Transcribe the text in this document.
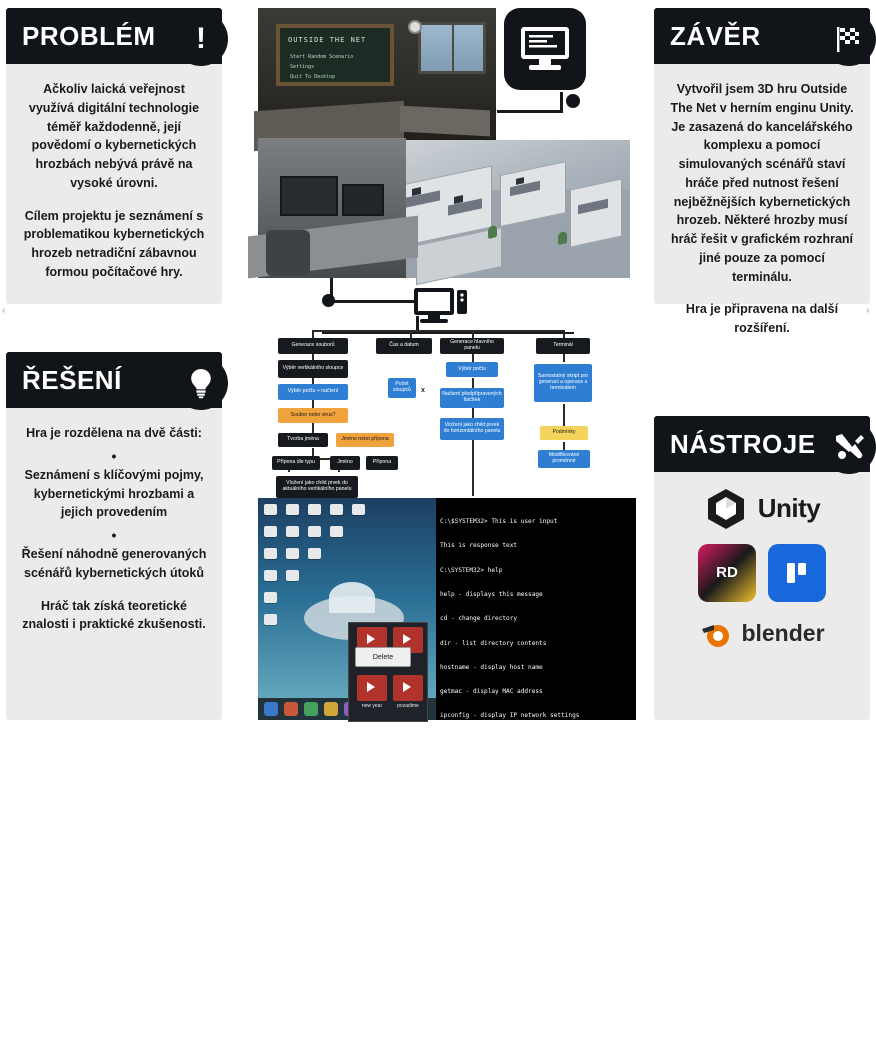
‹	›
PROBLÉM !

Ačkoliv laická veřejnost využívá digitální technologie téměř každodenně, její povědomí o kybernetických hrozbách nebývá právě na vysoké úrovni.

Cílem projektu je seznámení s problematikou kybernetických hrozeb netradiční zábavnou formou počítačové hry.

ŘEŠENÍ

Hra je rozdělena na dvě části:

•

Seznámení s klíčovými pojmy, kybernetickými hrozbami a jejich provedením

•

Řešení náhodně generovaných scénářů kybernetických útoků

Hráč tak získá teoretické znalosti i praktické zkušenosti.

ZÁVĚR

Vytvořil jsem 3D hru Outside The Net v herním enginu Unity. Je zasazená do kancelářského komplexu a pomocí simulovaných scénářů staví hráče před nutnost řešení nejběžnějších kybernetických hrozeb. Některé hrozby musí hráč řešit v grafickém rozhraní jiné pouze za pomocí terminálu.

Hra je připravena na další rozšíření.

NÁSTROJE
Unity
RD
blender
OUTSIDE THE NET
Start Random Scenario
Settings
Quit To Desktop
Generace souborů
Výběr vertikálního sloupce
Výběr počtu + načtení
Soubor nebo virus?
Tvorba jména	Jméno nebo přípona
Přípona dle typu	Jméno	Přípona
Vložení jako child prvek do aktuálního vertikálního panelu
Počet sloupců
Čas a datum	Generace hlavního panelu
Výběr počtu
Načtení předpřipravených tlačítek
Vložení jako child prvek do horizontálního panelu
Terminál
Samostatný skript pro generaci a operace s terminálem
Podmínky
Modifikováné proměnné
x
new year	pozadime
Delete

C:\$SYSTEM32> This is user input

This is response text

C:\SYSTEM32> help

help - displays this message

cd - change directory

dir - list directory contents

hostname - display host name

getmac - display MAC address

ipconfig - display IP network settings

netstat - display TCP/IP connections and status

exit - exits the game

C:\SYSTEM32> dir

Desktop

Dev

Media

C:\SYSTEM32>  cd Desktop

Directory changed

C:\SYSTEM32> dir

homework.xlsx

data from Adam.id

schoool materials.pdf

new year party.MP4
